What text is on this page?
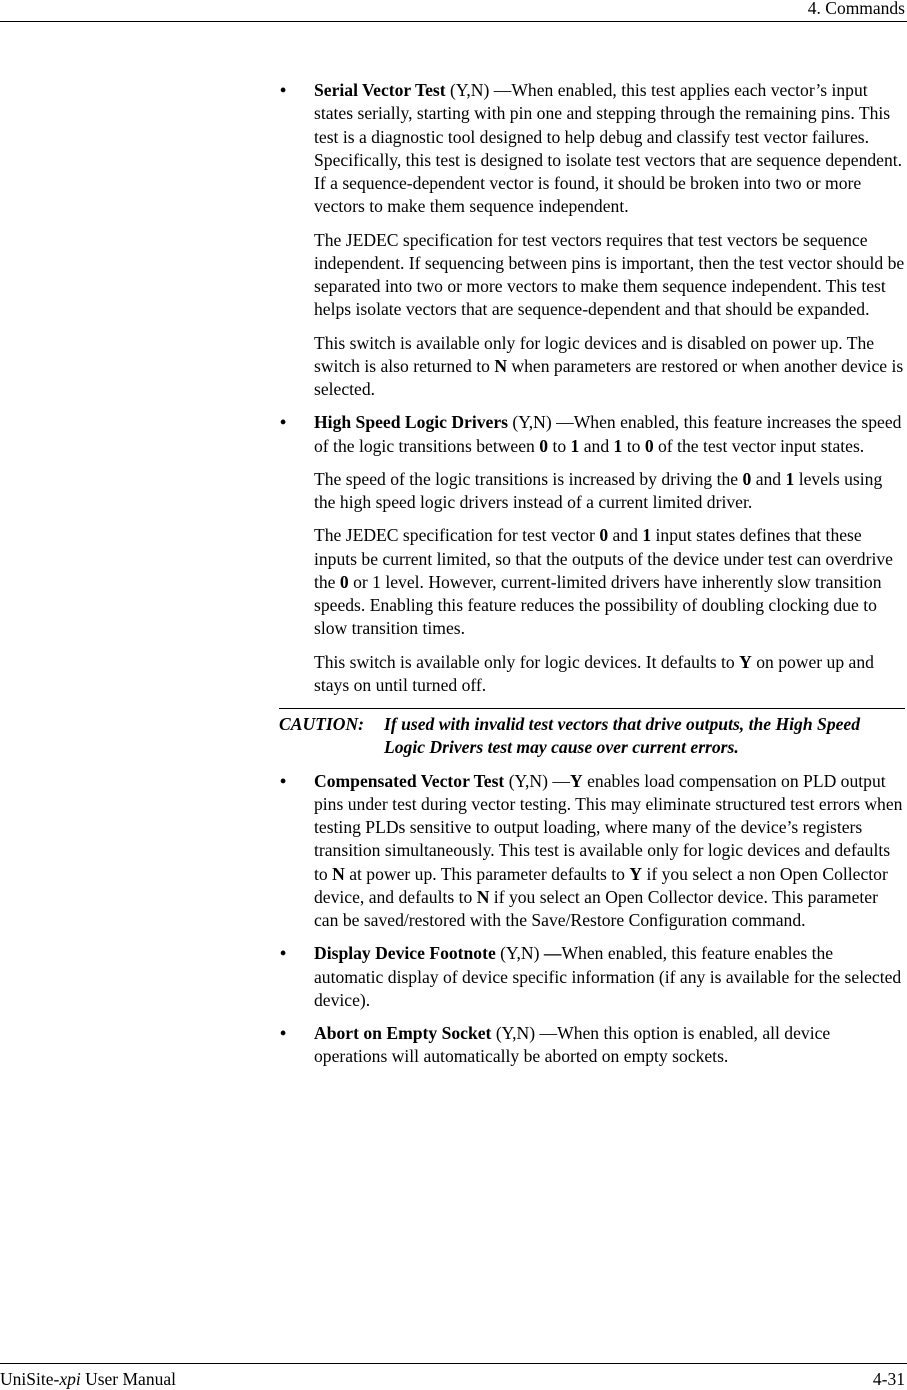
4. Commands
• Serial Vector Test (Y,N) —When enabled, this test applies each vector’s input states serially, starting with pin one and stepping through the remaining pins. This test is a diagnostic tool designed to help debug and classify test vector failures. Specifically, this test is designed to isolate test vectors that are sequence dependent. If a sequence-dependent vector is found, it should be broken into two or more vectors to make them sequence independent.
The JEDEC specification for test vectors requires that test vectors be sequence independent. If sequencing between pins is important, then the test vector should be separated into two or more vectors to make them sequence independent. This test helps isolate vectors that are sequence-dependent and that should be expanded.
This switch is available only for logic devices and is disabled on power up. The switch is also returned to N when parameters are restored or when another device is selected.
• High Speed Logic Drivers (Y,N) —When enabled, this feature increases the speed of the logic transitions between 0 to 1 and 1 to 0 of the test vector input states.
The speed of the logic transitions is increased by driving the 0 and 1 levels using the high speed logic drivers instead of a current limited driver.
The JEDEC specification for test vector 0 and 1 input states defines that these inputs be current limited, so that the outputs of the device under test can overdrive the 0 or 1 level. However, current-limited drivers have inherently slow transition speeds. Enabling this feature reduces the possibility of doubling clocking due to slow transition times.
This switch is available only for logic devices. It defaults to Y on power up and stays on until turned off.
CAUTION:	If used with invalid test vectors that drive outputs, the High Speed Logic Drivers test may cause over current errors.
• Compensated Vector Test (Y,N) —Y enables load compensation on PLD output pins under test during vector testing. This may eliminate structured test errors when testing PLDs sensitive to output loading, where many of the device’s registers transition simultaneously. This test is available only for logic devices and defaults to N at power up. This parameter defaults to Y if you select a non Open Collector device, and defaults to N if you select an Open Collector device. This parameter can be saved/restored with the Save/Restore Configuration command.
• Display Device Footnote (Y,N) —When enabled, this feature enables the automatic display of device specific information (if any is available for the selected device).
• Abort on Empty Socket (Y,N) —When this option is enabled, all device operations will automatically be aborted on empty sockets.
UniSite-xpi User Manual	4-31
